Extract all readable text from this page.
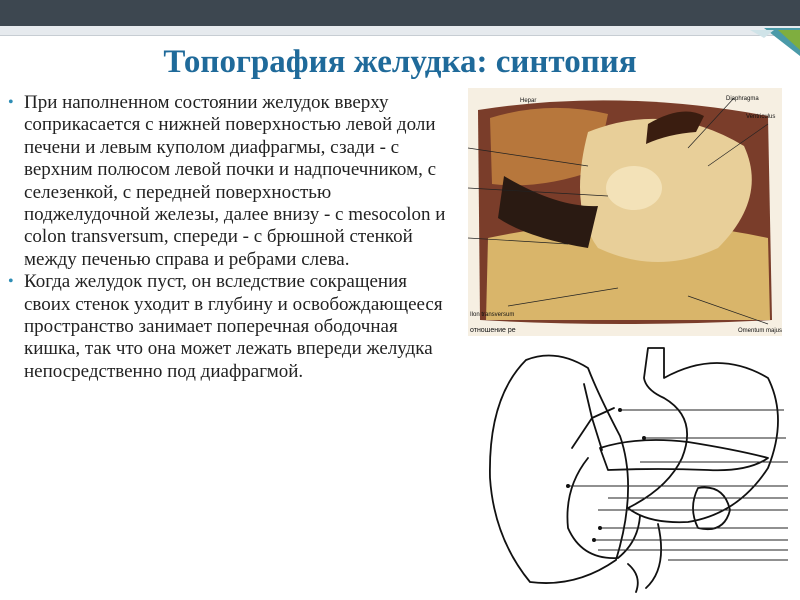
Топография желудка: синтопия
• При наполненном состоянии желудок вверху соприкасается с нижней поверхностью левой доли печени и левым куполом диафрагмы, сзади - с верхним полюсом левой почки и надпочечником, с селезенкой, с передней поверхностью поджелудочной железы, далее внизу - с mesocolon и colon transversum, спереди - с брюшной стенкой между печенью справа и ребрами слева.
• Когда желудок пуст, он вследствие сокращения своих стенок уходит в глубину и освобождающееся пространство занимает поперечная ободочная кишка, так что она может лежать впереди желудка непосредственно под диафрагмой.
Hepar	Diaphragma
Ventriculus
Ilon transversum
Omentum majus
отношение ре
